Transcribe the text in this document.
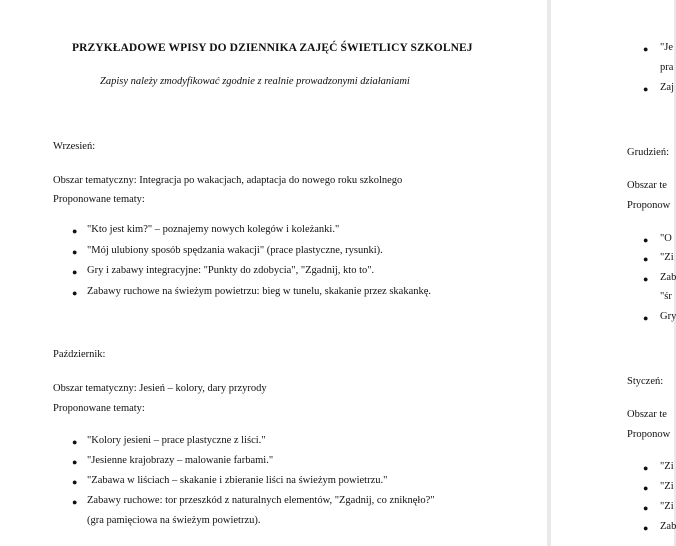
PRZYKŁADOWE WPISY DO DZIENNIKA ZAJĘĆ ŚWIETLICY SZKOLNEJ
Zapisy należy zmodyfikować zgodnie z realnie prowadzonymi działaniami
Wrzesień:
Obszar tematyczny: Integracja po wakacjach, adaptacja do nowego roku szkolnego
Proponowane tematy:
● "Kto jest kim?" – poznajemy nowych kolegów i koleżanki."
● "Mój ulubiony sposób spędzania wakacji" (prace plastyczne, rysunki).
● Gry i zabawy integracyjne: "Punkty do zdobycia", "Zgadnij, kto to".
● Zabawy ruchowe na świeżym powietrzu: bieg w tunelu, skakanie przez skakankę.
Październik:
Obszar tematyczny: Jesień – kolory, dary przyrody
Proponowane tematy:
● "Kolory jesieni – prace plastyczne z liści."
● "Jesienne krajobrazy – malowanie farbami."
● "Zabawa w liściach – skakanie i zbieranie liści na świeżym powietrzu."
● Zabawy ruchowe: tor przeszkód z naturalnych elementów, "Zgadnij, co zniknęło?"
(gra pamięciowa na świeżym powietrzu).
● "Je
pra
● Zaj
Grudzień:
Obszar te
Proponow
● "O
● "Zi
● Zab
"śr
● Gry
Styczeń:
Obszar te
Proponow
● "Zi
● "Zi
● "Zi
● Zab
